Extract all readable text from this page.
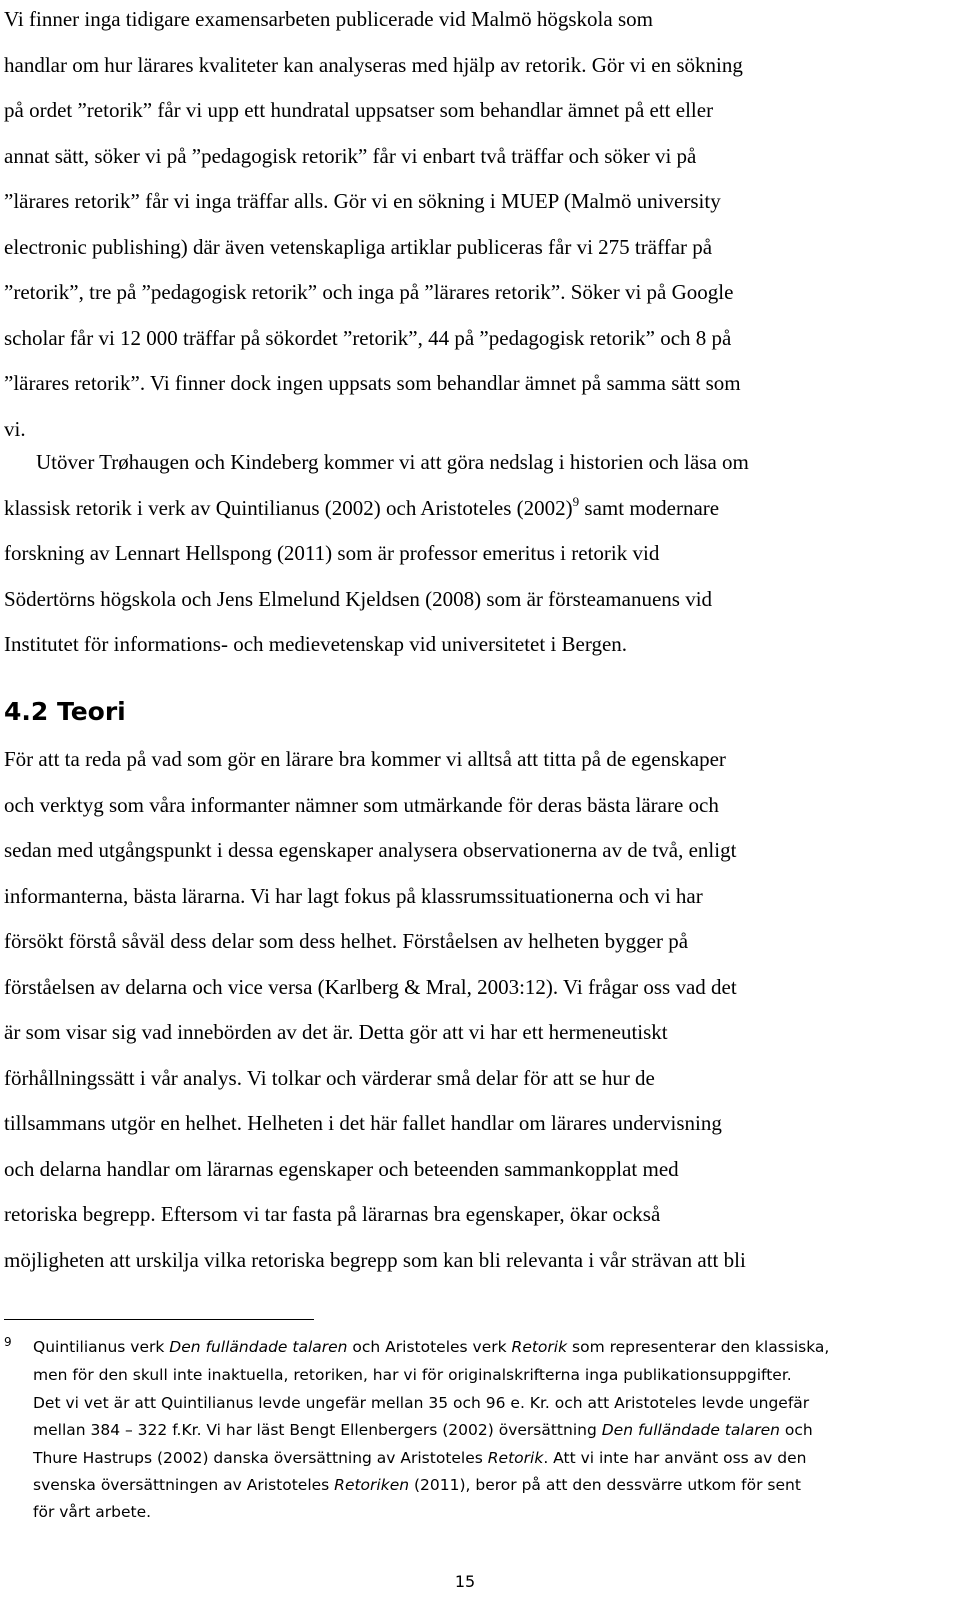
Vi finner inga tidigare examensarbeten publicerade vid Malmö högskola som
handlar om hur lärares kvaliteter kan analyseras med hjälp av retorik. Gör vi en sökning
på ordet ”retorik” får vi upp ett hundratal uppsatser som behandlar ämnet på ett eller
annat sätt, söker vi på ”pedagogisk retorik” får vi enbart två träffar och söker vi på
”lärares retorik” får vi inga träffar alls. Gör vi en sökning i MUEP (Malmö university
electronic publishing) där även vetenskapliga artiklar publiceras får vi 275 träffar på
”retorik”, tre på ”pedagogisk retorik” och inga på ”lärares retorik”. Söker vi på Google
scholar får vi 12 000 träffar på sökordet ”retorik”, 44 på ”pedagogisk retorik” och 8 på
”lärares retorik”. Vi finner dock ingen uppsats som behandlar ämnet på samma sätt som
vi.
Utöver Trøhaugen och Kindeberg kommer vi att göra nedslag i historien och läsa om
klassisk retorik i verk av Quintilianus (2002) och Aristoteles (2002)$^9$ samt modernare
forskning av Lennart Hellspong (2011) som är professor emeritus i retorik vid
Södertörns högskola och Jens Elmelund Kjeldsen (2008) som är försteamanuens vid
Institutet för informations- och medievetenskap vid universitetet i Bergen.
4.2 Teori
För att ta reda på vad som gör en lärare bra kommer vi alltså att titta på de egenskaper
och verktyg som våra informanter nämner som utmärkande för deras bästa lärare och
sedan med utgångspunkt i dessa egenskaper analysera observationerna av de två, enligt
informanterna, bästa lärarna. Vi har lagt fokus på klassrumssituationerna och vi har
försökt förstå såväl dess delar som dess helhet. Förståelsen av helheten bygger på
förståelsen av delarna och vice versa (Karlberg & Mral, 2003:12). Vi frågar oss vad det
är som visar sig vad innebörden av det är. Detta gör att vi har ett hermeneutiskt
förhållningssätt i vår analys. Vi tolkar och värderar små delar för att se hur de
tillsammans utgör en helhet. Helheten i det här fallet handlar om lärares undervisning
och delarna handlar om lärarnas egenskaper och beteenden sammankopplat med
retoriska begrepp. Eftersom vi tar fasta på lärarnas bra egenskaper, ökar också
möjligheten att urskilja vilka retoriska begrepp som kan bli relevanta i vår strävan att bli
9 Quintilianus verk Den fulländade talaren och Aristoteles verk Retorik som representerar den klassiska,
men för den skull inte inaktuella, retoriken, har vi för originalskrifterna inga publikationsuppgifter.
Det vi vet är att Quintilianus levde ungefär mellan 35 och 96 e. Kr. och att Aristoteles levde ungefär
mellan 384 – 322 f.Kr. Vi har läst Bengt Ellenbergers (2002) översättning Den fulländade talaren och
Thure Hastrups (2002) danska översättning av Aristoteles Retorik. Att vi inte har använt oss av den
svenska översättningen av Aristoteles Retoriken (2011), beror på att den dessvärre utkom för sent
för vårt arbete.
15
